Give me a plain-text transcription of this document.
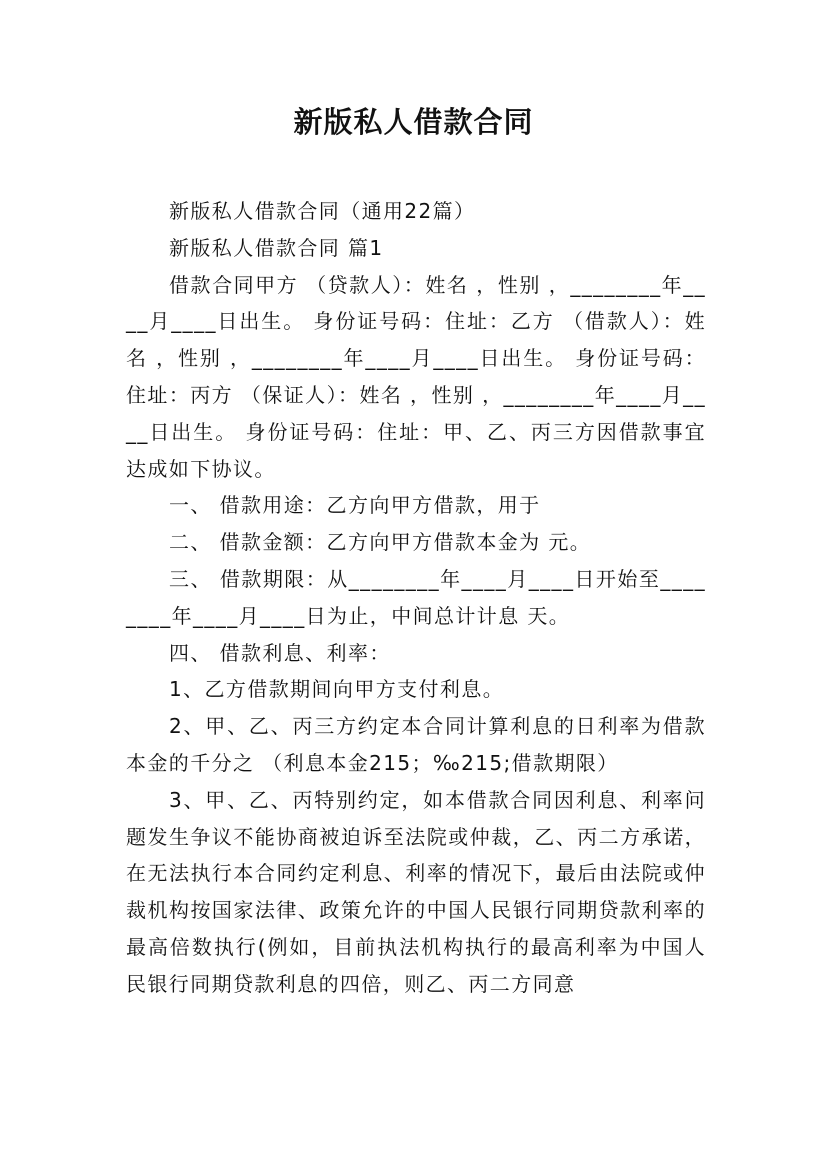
新版私人借款合同

新版私人借款合同（通用22篇）

新版私人借款合同 篇1

借款合同甲方 （贷款人）：姓名 ，性别 ，________年____月____日出生。 身份证号码：住址：乙方 （借款人）：姓名 ，性别 ，________年____月____日出生。 身份证号码：住址：丙方 （保证人）：姓名 ，性别 ，________年____月____日出生。 身份证号码：住址：甲、乙、丙三方因借款事宜达成如下协议。

一、 借款用途：乙方向甲方借款，用于

二、 借款金额：乙方向甲方借款本金为 元。

三、 借款期限：从________年____月____日开始至________年____月____日为止，中间总计计息 天。

四、 借款利息、利率：

1、乙方借款期间向甲方支付利息。

2、甲、乙、丙三方约定本合同计算利息的日利率为借款本金的千分之 （利息本金215；‰215;借款期限）

3、甲、乙、丙特别约定，如本借款合同因利息、利率问题发生争议不能协商被迫诉至法院或仲裁，乙、丙二方承诺，在无法执行本合同约定利息、利率的情况下，最后由法院或仲裁机构按国家法律、政策允许的中国人民银行同期贷款利率的最高倍数执行(例如，目前执法机构执行的最高利率为中国人民银行同期贷款利息的四倍，则乙、丙二方同意
